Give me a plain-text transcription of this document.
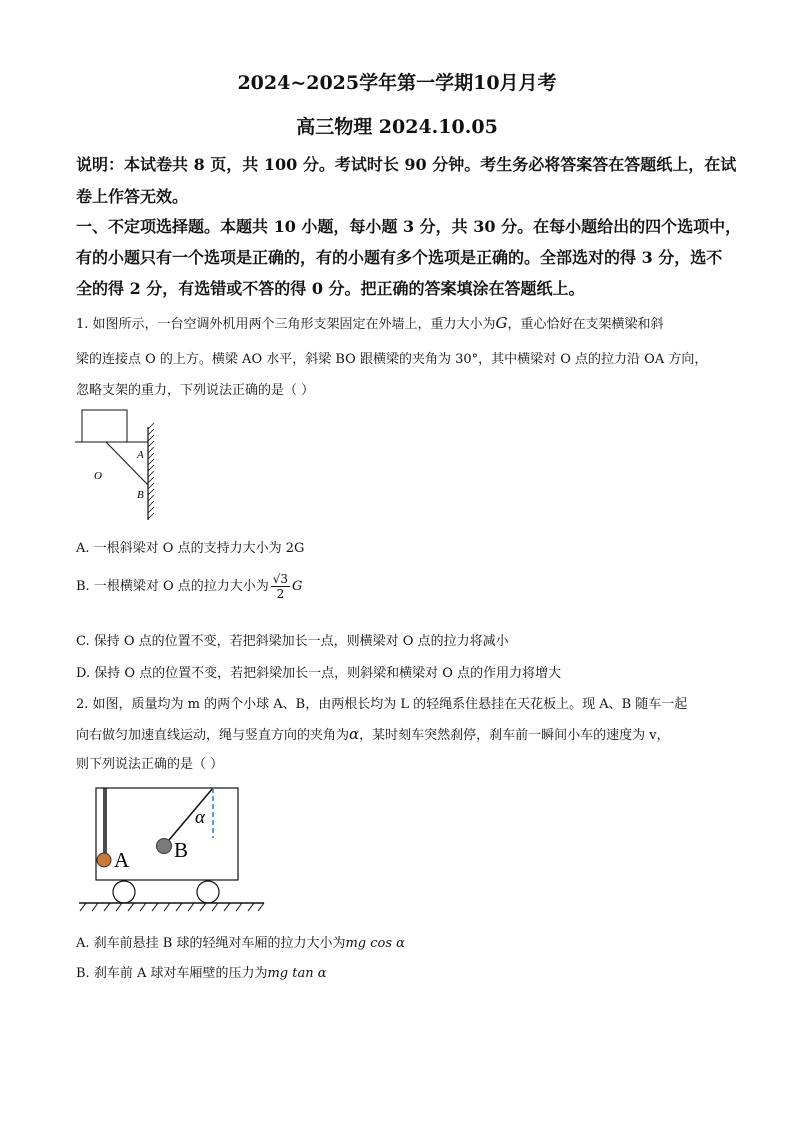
2024~2025学年第一学期10月月考
高三物理 2024.10.05
说明：本试卷共 8 页，共 100 分。考试时长 90 分钟。考生务必将答案答在答题纸上，在试
卷上作答无效。
一、不定项选择题。本题共 10 小题，每小题 3 分，共 30 分。在每小题给出的四个选项中，
有的小题只有一个选项是正确的，有的小题有多个选项是正确的。全部选对的得 3 分，选不
全的得 2 分，有选错或不答的得 0 分。把正确的答案填涂在答题纸上。
1. 如图所示，一台空调外机用两个三角形支架固定在外墙上，重力大小为G，重心恰好在支架横梁和斜
梁的连接点 O 的上方。横梁 AO 水平，斜梁 BO 跟横梁的夹角为 30°，其中横梁对 O 点的拉力沿 OA 方向，
忽略支架的重力，下列说法正确的是（ ）
A
O
B
A. 一根斜梁对 O 点的支持力大小为 2G
B. 一根横梁对 O 点的拉力大小为 $\frac{√3}{2}$ G
C. 保持 O 点的位置不变，若把斜梁加长一点，则横梁对 O 点的拉力将减小
D. 保持 O 点的位置不变，若把斜梁加长一点，则斜梁和横梁对 O 点的作用力将增大
2. 如图，质量均为 m 的两个小球 A、B，由两根长均为 L 的轻绳系住悬挂在天花板上。现 A、B 随车一起
向右做匀加速直线运动，绳与竖直方向的夹角为α，某时刻车突然刹停，刹车前一瞬间小车的速度为 v，
则下列说法正确的是（ ）
A B
α
A. 刹车前悬挂 B 球的轻绳对车厢的拉力大小为mg cos α
B. 刹车前 A 球对车厢壁的压力为mg tan α
